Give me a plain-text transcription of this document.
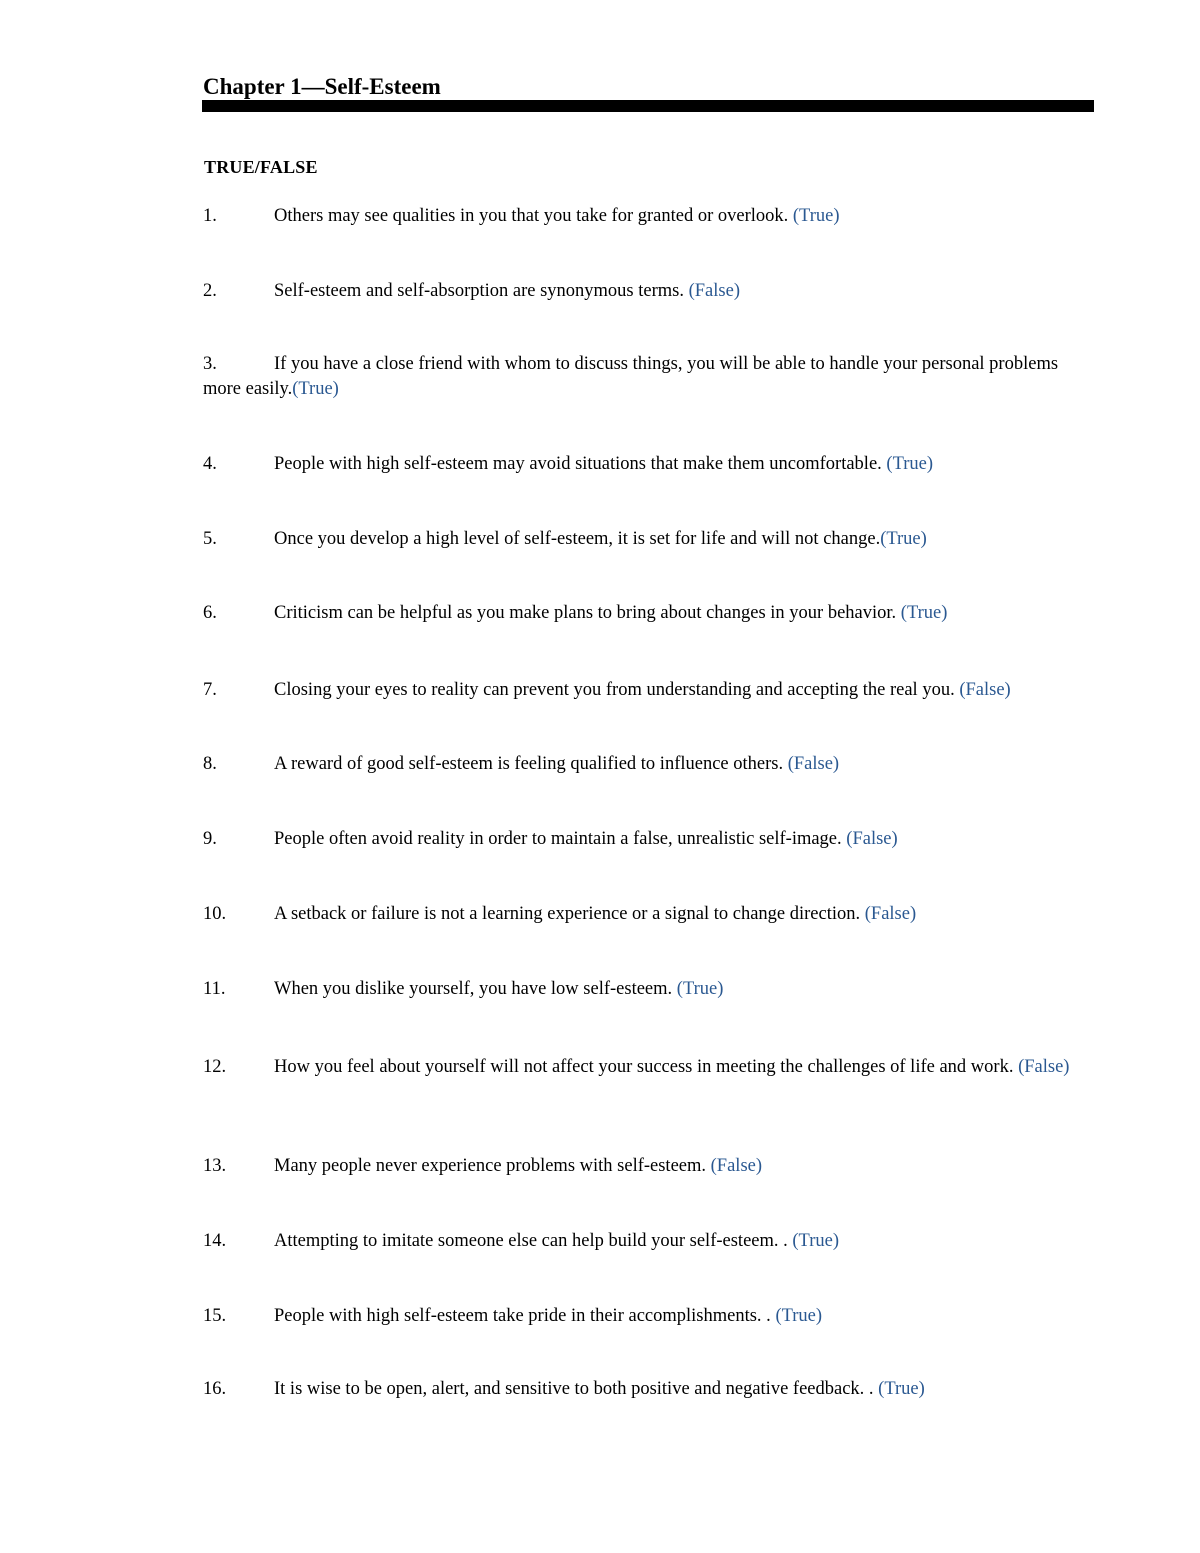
Chapter 1—Self-Esteem
TRUE/FALSE

1.	Others may see qualities in you that you take for granted or overlook. (True)

2.	Self-esteem and self-absorption are synonymous terms. (False)

3.	If you have a close friend with whom to discuss things, you will be able to handle your personal problems more easily.(True)

4.	People with high self-esteem may avoid situations that make them uncomfortable. (True)

5.	Once you develop a high level of self-esteem, it is set for life and will not change.(True)

6.	Criticism can be helpful as you make plans to bring about changes in your behavior. (True)

7.	Closing your eyes to reality can prevent you from understanding and accepting the real you. (False)

8.	A reward of good self-esteem is feeling qualified to influence others. (False)

9.	People often avoid reality in order to maintain a false, unrealistic self-image. (False)

10.	A setback or failure is not a learning experience or a signal to change direction. (False)

11.	When you dislike yourself, you have low self-esteem. (True)

12.	How you feel about yourself will not affect your success in meeting the challenges of life and work. (False)

13.	Many people never experience problems with self-esteem. (False)

14.	Attempting to imitate someone else can help build your self-esteem. . (True)

15.	People with high self-esteem take pride in their accomplishments. . (True)

16.	It is wise to be open, alert, and sensitive to both positive and negative feedback. . (True)
